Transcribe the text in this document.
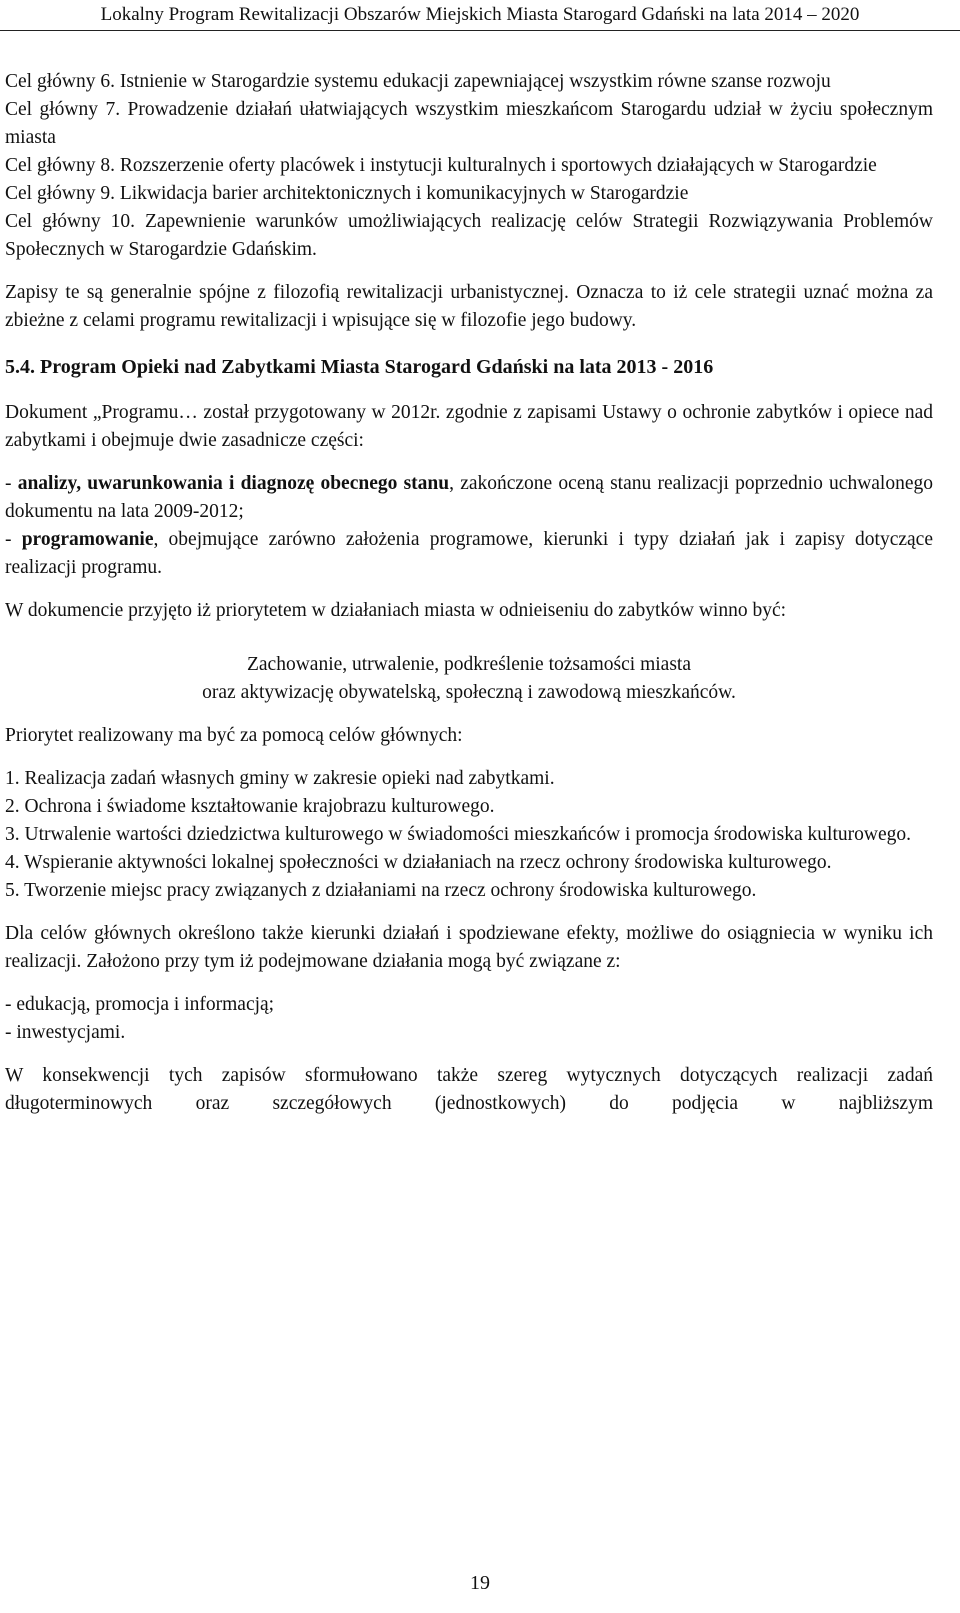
Lokalny Program Rewitalizacji Obszarów Miejskich Miasta Starogard Gdański na lata 2014 – 2020

Cel główny 6. Istnienie w Starogardzie systemu edukacji zapewniającej wszystkim równe szanse rozwoju

Cel główny 7. Prowadzenie działań ułatwiających wszystkim mieszkańcom Starogardu udział w życiu społecznym miasta

Cel główny 8. Rozszerzenie oferty placówek i instytucji kulturalnych i sportowych działających w Starogardzie

Cel główny 9. Likwidacja barier architektonicznych i komunikacyjnych w Starogardzie

Cel główny 10. Zapewnienie warunków umożliwiających realizację celów Strategii Rozwiązywania Problemów Społecznych w Starogardzie Gdańskim.

Zapisy te są generalnie spójne z filozofią rewitalizacji urbanistycznej. Oznacza to iż cele strategii uznać można za zbieżne z celami programu rewitalizacji i wpisujące się w filozofie jego budowy.

5.4. Program Opieki nad Zabytkami Miasta Starogard Gdański na lata 2013 - 2016

Dokument „Programu… został przygotowany w 2012r. zgodnie z zapisami Ustawy o ochronie zabytków i opiece nad zabytkami i obejmuje dwie zasadnicze części:

- analizy, uwarunkowania i diagnozę obecnego stanu, zakończone oceną stanu realizacji poprzednio uchwalonego dokumentu na lata 2009-2012;

- programowanie, obejmujące zarówno założenia programowe, kierunki i typy działań jak i zapisy dotyczące realizacji programu.

W dokumencie przyjęto iż priorytetem w działaniach miasta w odnieiseniu do zabytków winno być:

Zachowanie, utrwalenie, podkreślenie tożsamości miasta

oraz aktywizację obywatelską, społeczną i zawodową mieszkańców.

Priorytet realizowany ma być za pomocą celów głównych:

1. Realizacja zadań własnych gminy w zakresie opieki nad zabytkami.

2. Ochrona i świadome kształtowanie krajobrazu kulturowego.

3. Utrwalenie wartości dziedzictwa kulturowego w świadomości mieszkańców i promocja środowiska kulturowego.

4. Wspieranie aktywności lokalnej społeczności w działaniach na rzecz ochrony środowiska kulturowego.

5. Tworzenie miejsc pracy związanych z działaniami na rzecz ochrony środowiska kulturowego.

Dla celów głównych określono także kierunki działań i spodziewane efekty, możliwe do osiągniecia w wyniku ich realizacji. Założono przy tym iż podejmowane działania mogą być związane z:

- edukacją, promocja i informacją;

- inwestycjami.

W konsekwencji tych zapisów sformułowano także szereg wytycznych dotyczących realizacji zadań długoterminowych oraz szczegółowych (jednostkowych) do podjęcia w najbliższym

19
